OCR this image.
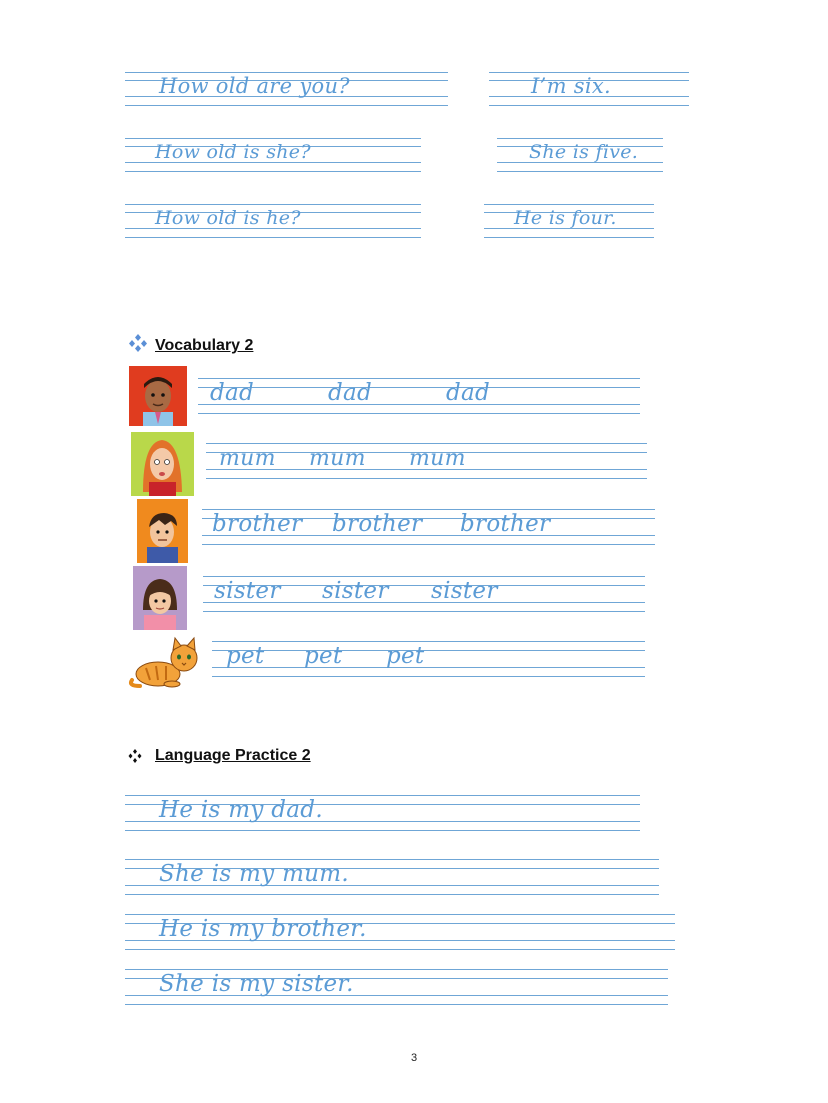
How old are you?	I’m six.
How old is she?	She is five.
How old is he?	He is four.
Vocabulary 2
dad	dad	dad
mum mum mum
brother brother brother
sister sister sister
pet pet pet
Language Practice 2
He is my dad.
She is my mum.
He is my brother.
She is my sister.
3
